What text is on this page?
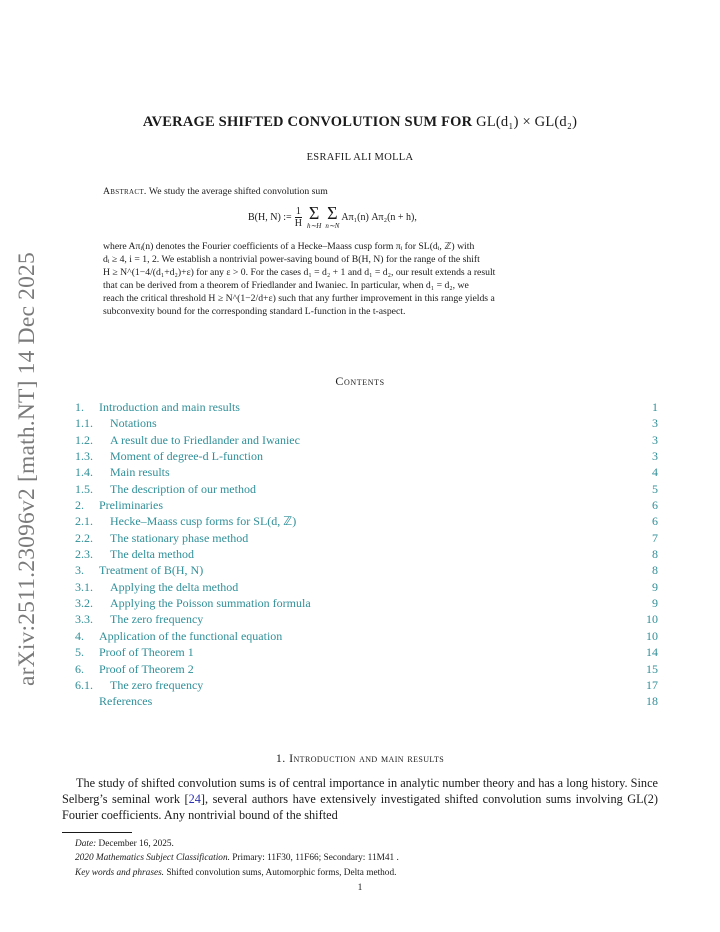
arXiv:2511.23096v2 [math.NT] 14 Dec 2025
AVERAGE SHIFTED CONVOLUTION SUM FOR GL(d₁) × GL(d₂)
ESRAFIL ALI MOLLA
Abstract. We study the average shifted convolution sum
B(H, N) := $\frac{1}{H}$ Σ
h∼H
Σ
n∼N
Aπ₁(n) Aπ₂(n + h),
where Aπᵢ(n) denotes the Fourier coefficients of a Hecke–Maass cusp form πᵢ for SL(dᵢ, ℤ) with
dᵢ ≥ 4, i = 1, 2. We establish a nontrivial power-saving bound of B(H, N) for the range of the shift
H ≥ N^(1−4/(d₁+d₂)+ε) for any ε > 0. For the cases d₁ = d₂ + 1 and d₁ = d₂, our result extends a result
that can be derived from a theorem of Friedlander and Iwaniec. In particular, when d₁ = d₂, we
reach the critical threshold H ≥ N^(1−2/d+ε) such that any further improvement in this range yields a
subconvexity bound for the corresponding standard L-function in the t-aspect.
Contents
1. Introduction and main results	1
1.1. Notations	3
1.2. A result due to Friedlander and Iwaniec	3
1.3. Moment of degree-d L-function	3
1.4. Main results	4
1.5. The description of our method	5
2. Preliminaries	6
2.1. Hecke–Maass cusp forms for SL(d, ℤ)	6
2.2. The stationary phase method	7
2.3. The delta method	8
3. Treatment of B(H, N)	8
3.1. Applying the delta method	9
3.2. Applying the Poisson summation formula	9
3.3. The zero frequency	10
4. Application of the functional equation	10
5. Proof of Theorem 1	14
6. Proof of Theorem 2	15
6.1. The zero frequency	17
References	18
1. Introduction and main results
The study of shifted convolution sums is of central importance in analytic number theory and has a long history. Since Selberg’s seminal work [24], several authors have extensively investigated shifted convolution sums involving GL(2) Fourier coefficients. Any nontrivial bound of the shifted
Date: December 16, 2025.
2020 Mathematics Subject Classification. Primary: 11F30, 11F66; Secondary: 11M41 .
Key words and phrases. Shifted convolution sums, Automorphic forms, Delta method.
1
